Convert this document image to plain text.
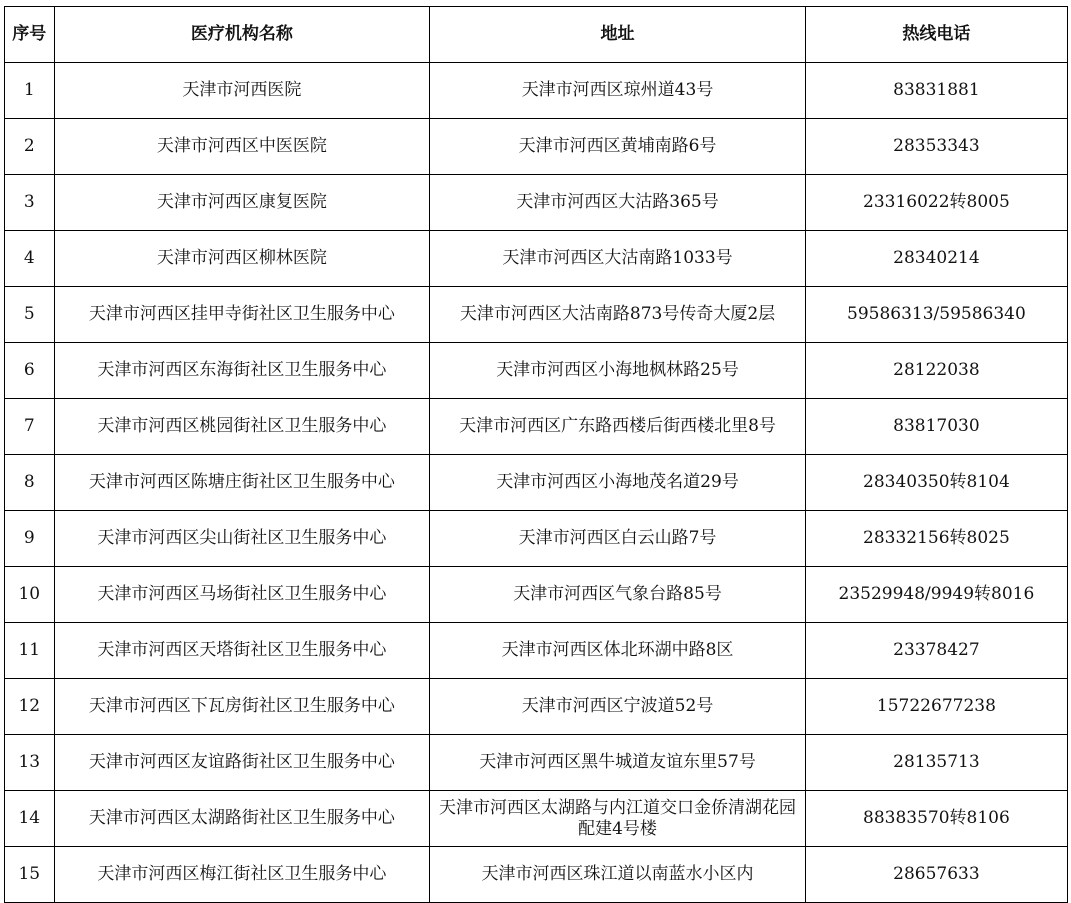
序号	医疗机构名称	地址	热线电话
1	天津市河西医院	天津市河西区琼州道43号	83831881
2	天津市河西区中医医院	天津市河西区黄埔南路6号	28353343
3	天津市河西区康复医院	天津市河西区大沽路365号	23316022转8005
4	天津市河西区柳林医院	天津市河西区大沽南路1033号	28340214
5	天津市河西区挂甲寺街社区卫生服务中心	天津市河西区大沽南路873号传奇大厦2层	59586313/59586340
6	天津市河西区东海街社区卫生服务中心	天津市河西区小海地枫林路25号	28122038
7	天津市河西区桃园街社区卫生服务中心	天津市河西区广东路西楼后街西楼北里8号	83817030
8	天津市河西区陈塘庄街社区卫生服务中心	天津市河西区小海地茂名道29号	28340350转8104
9	天津市河西区尖山街社区卫生服务中心	天津市河西区白云山路7号	28332156转8025
10	天津市河西区马场街社区卫生服务中心	天津市河西区气象台路85号	23529948/9949转8016
11	天津市河西区天塔街社区卫生服务中心	天津市河西区体北环湖中路8区	23378427
12	天津市河西区下瓦房街社区卫生服务中心	天津市河西区宁波道52号	15722677238
13	天津市河西区友谊路街社区卫生服务中心	天津市河西区黑牛城道友谊东里57号	28135713
14	天津市河西区太湖路街社区卫生服务中心	天津市河西区太湖路与内江道交口金侨清湖花园配建4号楼	88383570转8106
15	天津市河西区梅江街社区卫生服务中心	天津市河西区珠江道以南蓝水小区内	28657633
